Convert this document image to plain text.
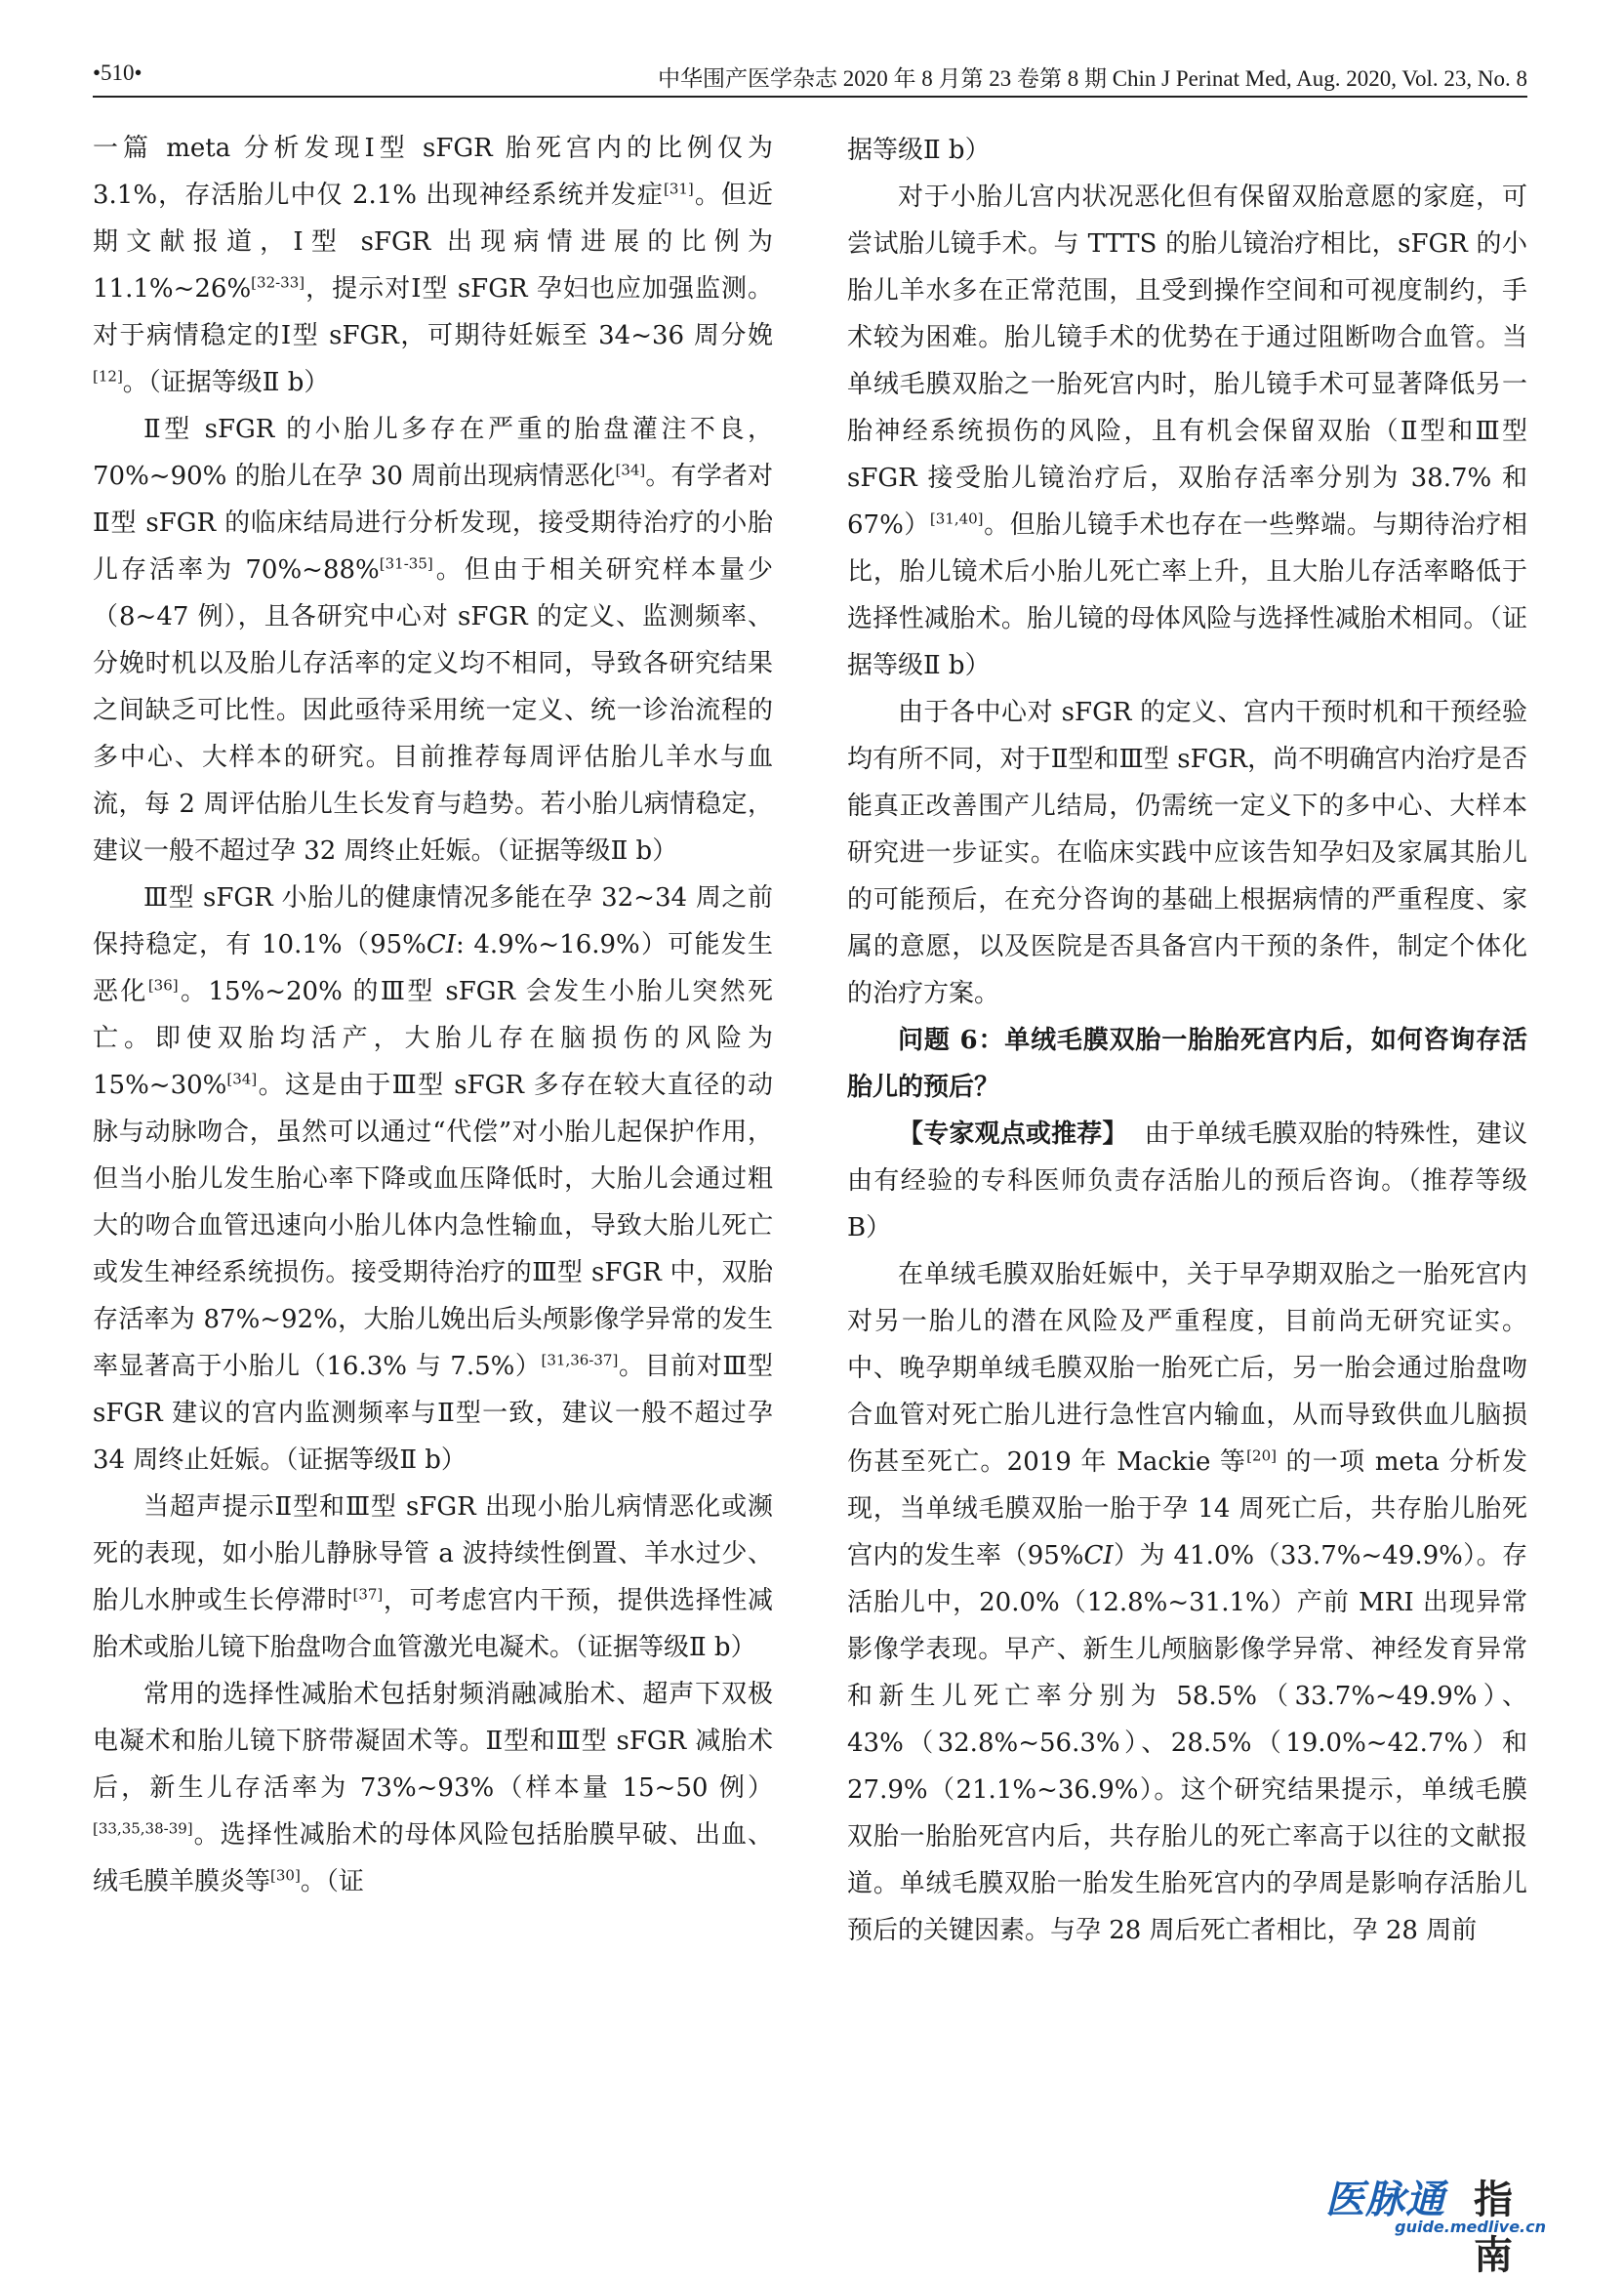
•510•	中华围产医学杂志 2020 年 8 月第 23 卷第 8 期 Chin J Perinat Med, Aug. 2020, Vol. 23, No. 8

一篇 meta 分析发现Ⅰ型 sFGR 胎死宫内的比例仅为 3.1%，存活胎儿中仅 2.1% 出现神经系统并发症[31]。但近期文献报道，Ⅰ型 sFGR 出现病情进展的比例为 11.1%~26%[32-33]，提示对Ⅰ型 sFGR 孕妇也应加强监测。对于病情稳定的Ⅰ型 sFGR，可期待妊娠至 34~36 周分娩[12]。（证据等级Ⅱ b）

Ⅱ型 sFGR 的小胎儿多存在严重的胎盘灌注不良，70%~90% 的胎儿在孕 30 周前出现病情恶化[34]。有学者对Ⅱ型 sFGR 的临床结局进行分析发现，接受期待治疗的小胎儿存活率为 70%~88%[31-35]。但由于相关研究样本量少（8~47 例），且各研究中心对 sFGR 的定义、监测频率、分娩时机以及胎儿存活率的定义均不相同，导致各研究结果之间缺乏可比性。因此亟待采用统一定义、统一诊治流程的多中心、大样本的研究。目前推荐每周评估胎儿羊水与血流，每 2 周评估胎儿生长发育与趋势。若小胎儿病情稳定，建议一般不超过孕 32 周终止妊娠。（证据等级Ⅱ b）

Ⅲ型 sFGR 小胎儿的健康情况多能在孕 32~34 周之前保持稳定，有 10.1%（95%CI: 4.9%~16.9%）可能发生恶化[36]。15%~20% 的Ⅲ型 sFGR 会发生小胎儿突然死亡。即使双胎均活产，大胎儿存在脑损伤的风险为 15%~30%[34]。这是由于Ⅲ型 sFGR 多存在较大直径的动脉与动脉吻合，虽然可以通过“代偿”对小胎儿起保护作用，但当小胎儿发生胎心率下降或血压降低时，大胎儿会通过粗大的吻合血管迅速向小胎儿体内急性输血，导致大胎儿死亡或发生神经系统损伤。接受期待治疗的Ⅲ型 sFGR 中，双胎存活率为 87%~92%，大胎儿娩出后头颅影像学异常的发生率显著高于小胎儿（16.3% 与 7.5%）[31,36-37]。目前对Ⅲ型 sFGR 建议的宫内监测频率与Ⅱ型一致，建议一般不超过孕 34 周终止妊娠。（证据等级Ⅱ b）

当超声提示Ⅱ型和Ⅲ型 sFGR 出现小胎儿病情恶化或濒死的表现，如小胎儿静脉导管 a 波持续性倒置、羊水过少、胎儿水肿或生长停滞时[37]，可考虑宫内干预，提供选择性减胎术或胎儿镜下胎盘吻合血管激光电凝术。（证据等级Ⅱ b）

常用的选择性减胎术包括射频消融减胎术、超声下双极电凝术和胎儿镜下脐带凝固术等。Ⅱ型和Ⅲ型 sFGR 减胎术后，新生儿存活率为 73%~93%（样本量 15~50 例）[33,35,38-39]。选择性减胎术的母体风险包括胎膜早破、出血、绒毛膜羊膜炎等[30]。（证

据等级Ⅱ b）

对于小胎儿宫内状况恶化但有保留双胎意愿的家庭，可尝试胎儿镜手术。与 TTTS 的胎儿镜治疗相比，sFGR 的小胎儿羊水多在正常范围，且受到操作空间和可视度制约，手术较为困难。胎儿镜手术的优势在于通过阻断吻合血管。当单绒毛膜双胎之一胎死宫内时，胎儿镜手术可显著降低另一胎神经系统损伤的风险，且有机会保留双胎（Ⅱ型和Ⅲ型 sFGR 接受胎儿镜治疗后，双胎存活率分别为 38.7% 和 67%）[31,40]。但胎儿镜手术也存在一些弊端。与期待治疗相比，胎儿镜术后小胎儿死亡率上升，且大胎儿存活率略低于选择性减胎术。胎儿镜的母体风险与选择性减胎术相同。（证据等级Ⅱ b）

由于各中心对 sFGR 的定义、宫内干预时机和干预经验均有所不同，对于Ⅱ型和Ⅲ型 sFGR，尚不明确宫内治疗是否能真正改善围产儿结局，仍需统一定义下的多中心、大样本研究进一步证实。在临床实践中应该告知孕妇及家属其胎儿的可能预后，在充分咨询的基础上根据病情的严重程度、家属的意愿，以及医院是否具备宫内干预的条件，制定个体化的治疗方案。

问题 6：单绒毛膜双胎一胎胎死宫内后，如何咨询存活胎儿的预后？

【专家观点或推荐】 由于单绒毛膜双胎的特殊性，建议由有经验的专科医师负责存活胎儿的预后咨询。（推荐等级 B）

在单绒毛膜双胎妊娠中，关于早孕期双胎之一胎死宫内对另一胎儿的潜在风险及严重程度，目前尚无研究证实。中、晚孕期单绒毛膜双胎一胎死亡后，另一胎会通过胎盘吻合血管对死亡胎儿进行急性宫内输血，从而导致供血儿脑损伤甚至死亡。2019 年 Mackie 等[20] 的一项 meta 分析发现，当单绒毛膜双胎一胎于孕 14 周死亡后，共存胎儿胎死宫内的发生率（95%CI）为 41.0%（33.7%~49.9%）。存活胎儿中，20.0%（12.8%~31.1%）产前 MRI 出现异常影像学表现。早产、新生儿颅脑影像学异常、神经发育异常和新生儿死亡率分别为 58.5%（33.7%~49.9%）、43%（32.8%~56.3%）、28.5%（19.0%~42.7%）和 27.9%（21.1%~36.9%）。这个研究结果提示，单绒毛膜双胎一胎胎死宫内后，共存胎儿的死亡率高于以往的文献报道。单绒毛膜双胎一胎发生胎死宫内的孕周是影响存活胎儿预后的关键因素。与孕 28 周后死亡者相比，孕 28 周前

医脉通 指南
guide.medlive.cn
